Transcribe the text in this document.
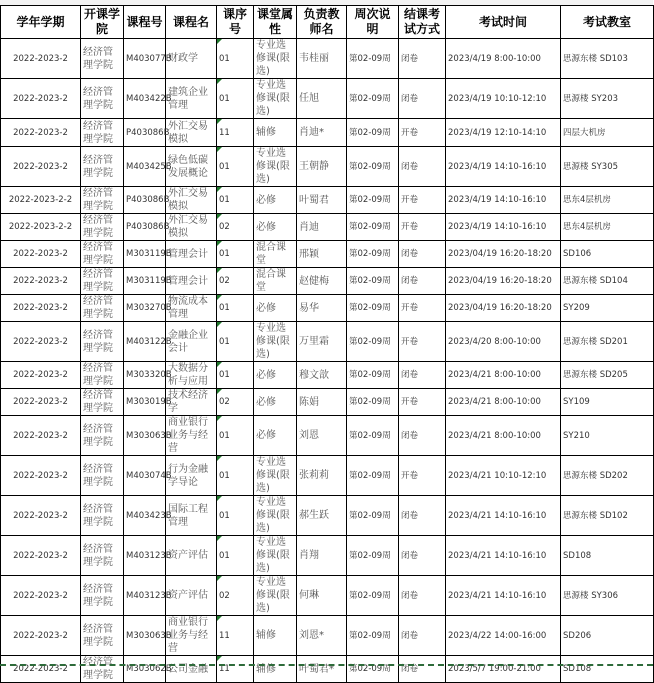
学年学期	开课学院	课程号	课程名	课序号	课堂属性	负责教师名	周次说明	结课考试方式	考试时间	考试教室
2022-2023-2	经济管理学院	M403077B	财政学	01	专业选修课(限选)	韦桂丽	第02-09周	闭卷	2023/4/19 8:00-10:00	思源东楼 SD103
2022-2023-2	经济管理学院	M403422B	建筑企业管理	01	专业选修课(限选)	任旭	第02-09周	闭卷	2023/4/19 10:10-12:10	思源楼 SY203
2022-2023-2	经济管理学院	P403086B	外汇交易模拟	11	辅修	肖迪*	第02-09周	开卷	2023/4/19 12:10-14:10	四层大机房
2022-2023-2	经济管理学院	M403425B	绿色低碳发展概论	01	专业选修课(限选)	王朝静	第02-09周	闭卷	2023/4/19 14:10-16:10	思源楼 SY305
2022-2023-2-2	经济管理学院	P403086B	外汇交易模拟	01	必修	叶蜀君	第02-09周	开卷	2023/4/19 14:10-16:10	思东4层机房
2022-2023-2-2	经济管理学院	P403086B	外汇交易模拟	02	必修	肖迪	第02-09周	开卷	2023/4/19 14:10-16:10	思东4层机房
2022-2023-2	经济管理学院	M303119B	管理会计	01	混合课堂	邢颖	第02-09周	闭卷	2023/04/19 16:20-18:20	SD106
2022-2023-2	经济管理学院	M303119B	管理会计	02	混合课堂	赵健梅	第02-09周	闭卷	2023/04/19 16:20-18:20	思源东楼 SD104
2022-2023-2	经济管理学院	M303270B	物流成本管理	01	必修	易华	第02-09周	开卷	2023/04/19 16:20-18:20	SY209
2022-2023-2	经济管理学院	M403122B	金融企业会计	01	专业选修课(限选)	万里霜	第02-09周	开卷	2023/4/20 8:00-10:00	思源东楼 SD201
2022-2023-2	经济管理学院	M303320B	大数据分析与应用	01	必修	穆文歆	第02-09周	闭卷	2023/4/21 8:00-10:00	思源东楼 SD205
2022-2023-2	经济管理学院	M303019B	技术经济学	02	必修	陈娟	第02-09周	开卷	2023/4/21 8:00-10:00	SY109
2022-2023-2	经济管理学院	M303063B	商业银行业务与经营	01	必修	刘恩	第02-09周	闭卷	2023/4/21 8:00-10:00	SY210
2022-2023-2	经济管理学院	M403074B	行为金融学导论	01	专业选修课(限选)	张莉莉	第02-09周	开卷	2023/4/21 10:10-12:10	思源东楼 SD202
2022-2023-2	经济管理学院	M403423B	国际工程管理	01	专业选修课(限选)	郝生跃	第02-09周	闭卷	2023/4/21 14:10-16:10	思源东楼 SD102
2022-2023-2	经济管理学院	M403123B	资产评估	01	专业选修课(限选)	肖翔	第02-09周	闭卷	2023/4/21 14:10-16:10	SD108
2022-2023-2	经济管理学院	M403123B	资产评估	02	专业选修课(限选)	何琳	第02-09周	闭卷	2023/4/21 14:10-16:10	思源楼 SY306
2022-2023-2	经济管理学院	M303063B	商业银行业务与经营	11	辅修	刘恩*	第02-09周	闭卷	2023/4/22 14:00-16:00	SD206
2022-2023-2	经济管理学院	M303062B	公司金融	11	辅修	叶蜀君*	第02-09周	闭卷	2023/5/7 19:00-21:00	SD108
